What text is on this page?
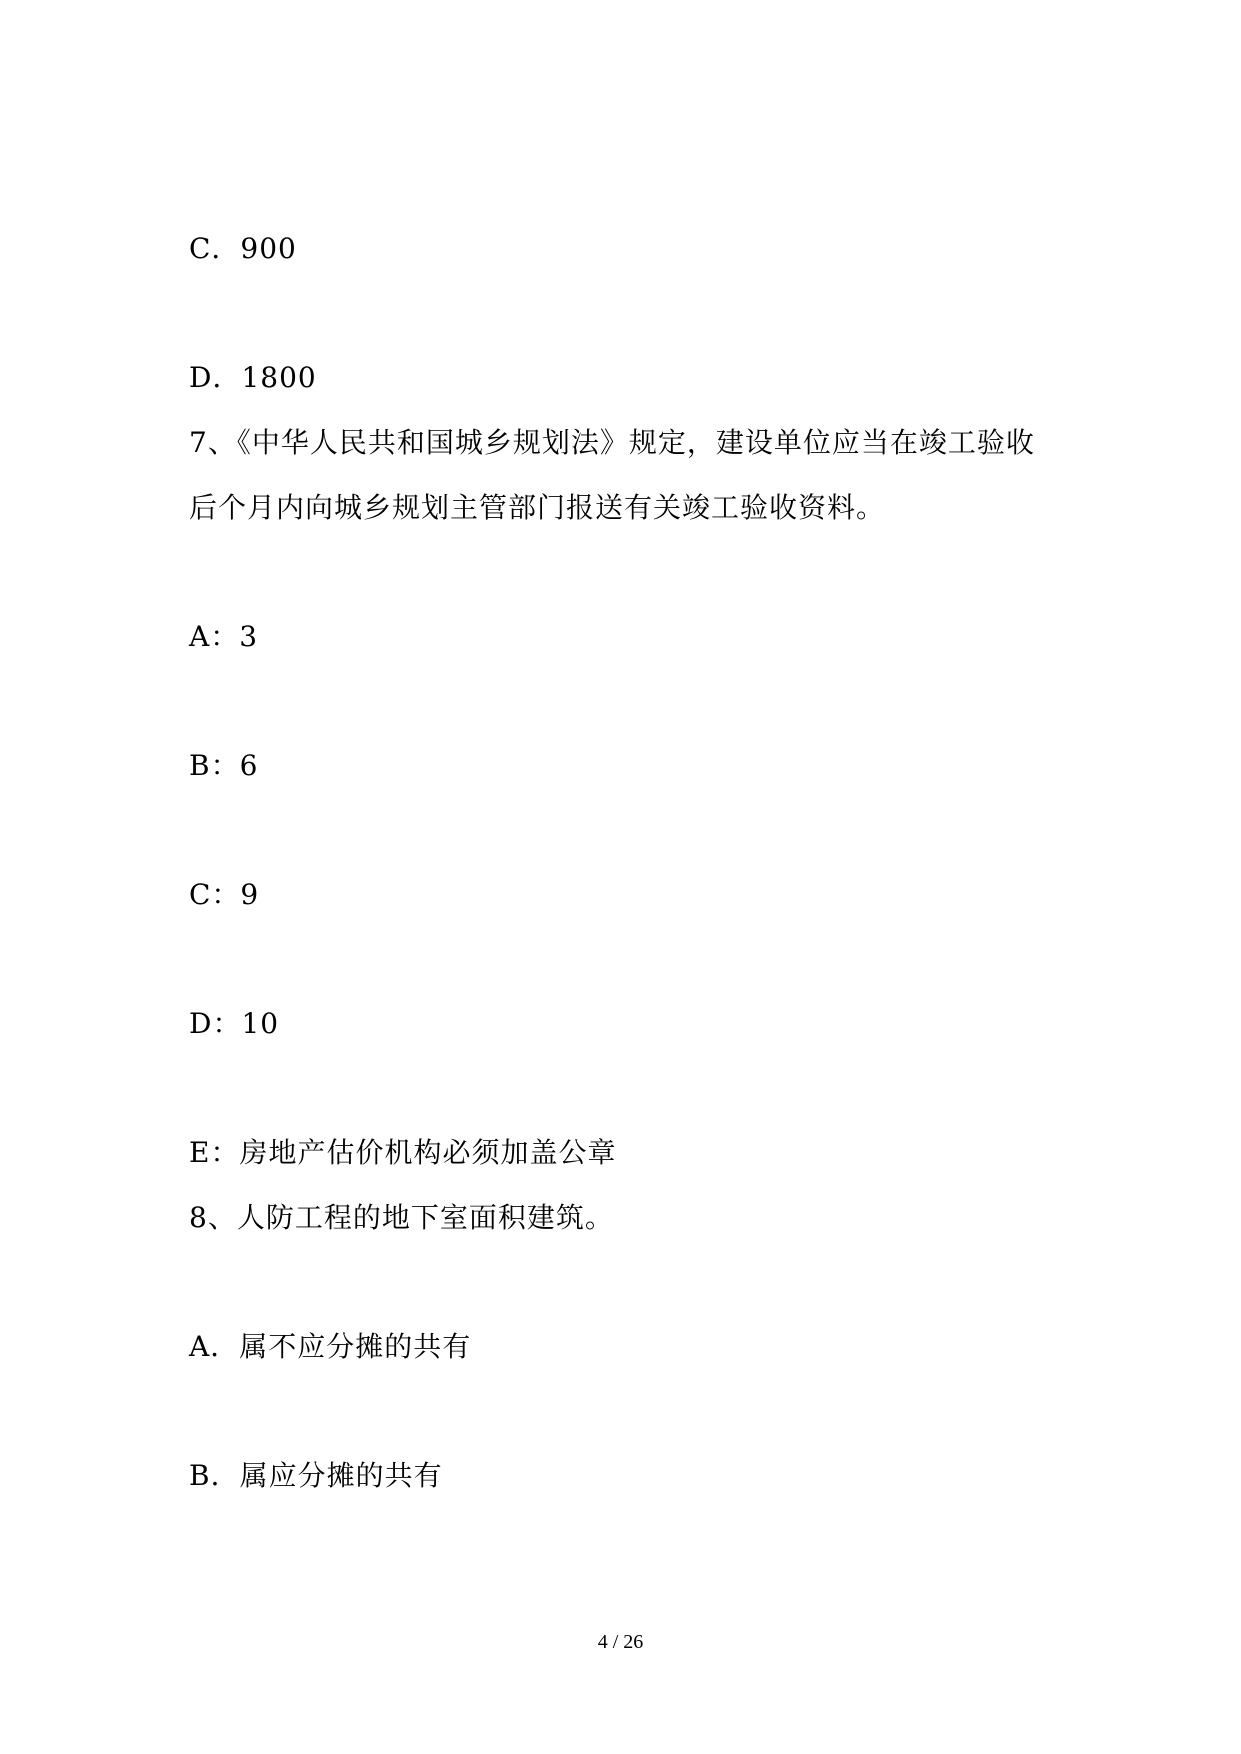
C．900
D．1800
7、《中华人民共和国城乡规划法》规定，建设单位应当在竣工验收
后个月内向城乡规划主管部门报送有关竣工验收资料。
A：3
B：6
C：9
D：10
E：房地产估价机构必须加盖公章
8、人防工程的地下室面积建筑。
A．属不应分摊的共有
B．属应分摊的共有
4 / 26
